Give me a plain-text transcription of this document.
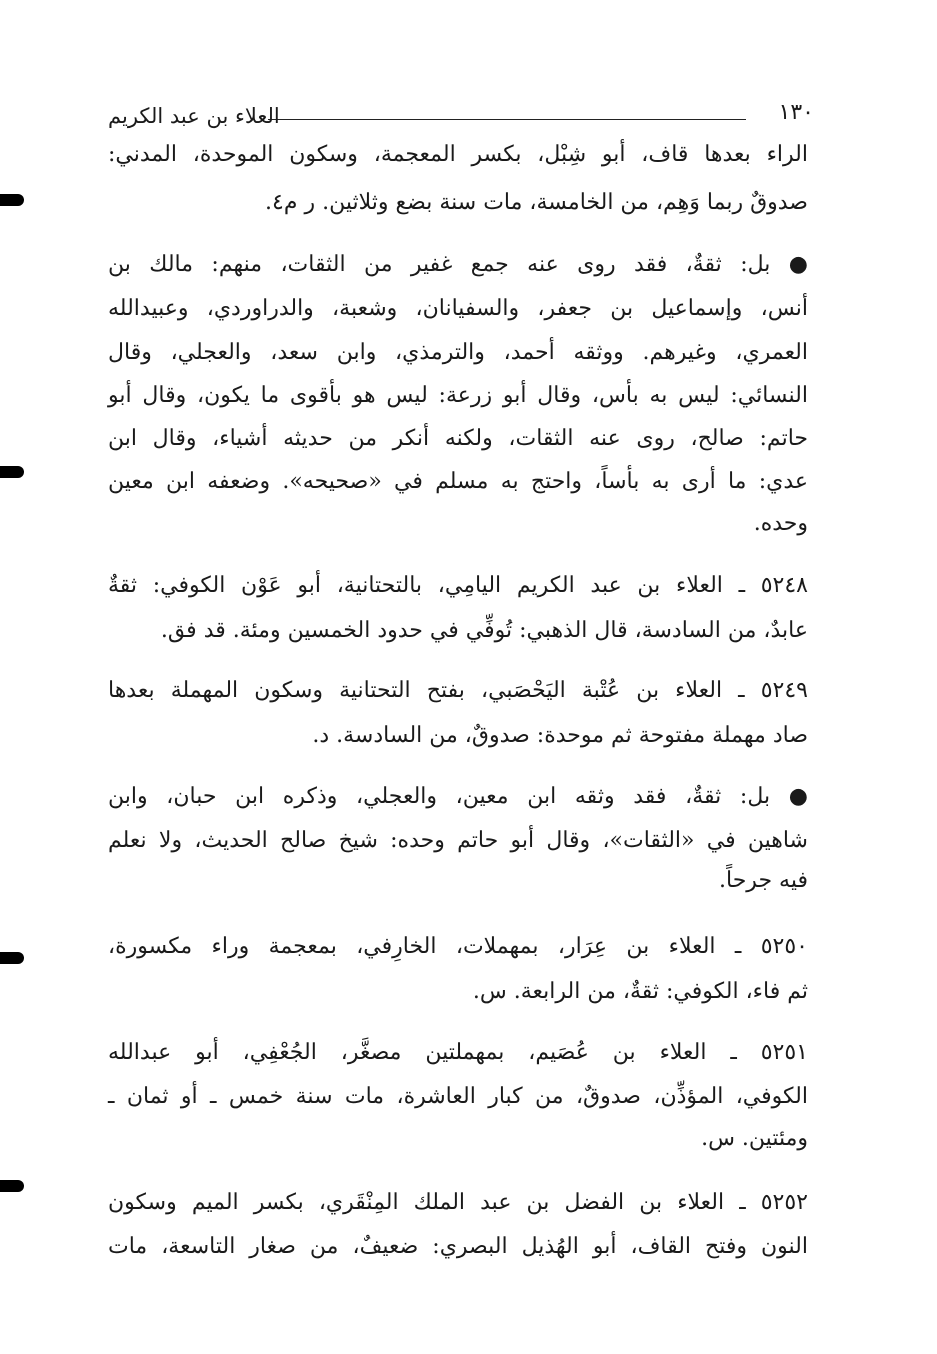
١٣٠
العلاء بن عبد الكريم
الراء بعدها قاف، أبو شِبْل، بكسر المعجمة، وسكون الموحدة، المدني:
صدوقٌ ربما وَهِم، من الخامسة، مات سنة بضع وثلاثين. ر م٤.
● بل: ثقةٌ، فقد روى عنه جمع غفير من الثقات، منهم: مالك بن
أنس، وإسماعيل بن جعفر، والسفيانان، وشعبة، والدراوردي، وعبيدالله
العمري، وغيرهم. ووثقه أحمد، والترمذي، وابن سعد، والعجلي، وقال
النسائي: ليس به بأس، وقال أبو زرعة: ليس هو بأقوى ما يكون، وقال أبو
حاتم: صالح، روى عنه الثقات، ولكنه أنكر من حديثه أشياء، وقال ابن
عدي: ما أرى به بأساً، واحتج به مسلم في «صحيحه». وضعفه ابن معين
وحده.
٥٢٤٨ ـ العلاء بن عبد الكريم اليامِي، بالتحتانية، أبو عَوْن الكوفي: ثقةٌ
عابدٌ، من السادسة، قال الذهبي: تُوفِّي في حدود الخمسين ومئة. قد فق.
٥٢٤٩ ـ العلاء بن عُتْبة اليَحْصَبي، بفتح التحتانية وسكون المهملة بعدها
صاد مهملة مفتوحة ثم موحدة: صدوقٌ، من السادسة. د.
● بل: ثقةٌ، فقد وثقه ابن معين، والعجلي، وذكره ابن حبان، وابن
شاهين في «الثقات»، وقال أبو حاتم وحده: شيخ صالح الحديث، ولا نعلم
فيه جرحاً.
٥٢٥٠ ـ العلاء بن عِرَار، بمهملات، الخارِفي، بمعجمة وراء مكسورة،
ثم فاء، الكوفي: ثقةٌ، من الرابعة. س.
٥٢٥١ ـ العلاء بن عُصَيم، بمهملتين مصغَّر، الجُعْفِي، أبو عبدالله
الكوفي، المؤذِّن، صدوقٌ، من كبار العاشرة، مات سنة خمس ـ أو ثمان ـ
ومئتين. س.
٥٢٥٢ ـ العلاء بن الفضل بن عبد الملك المِنْقَري، بكسر الميم وسكون
النون وفتح القاف، أبو الهُذيل البصري: ضعيفٌ، من صغار التاسعة، مات
